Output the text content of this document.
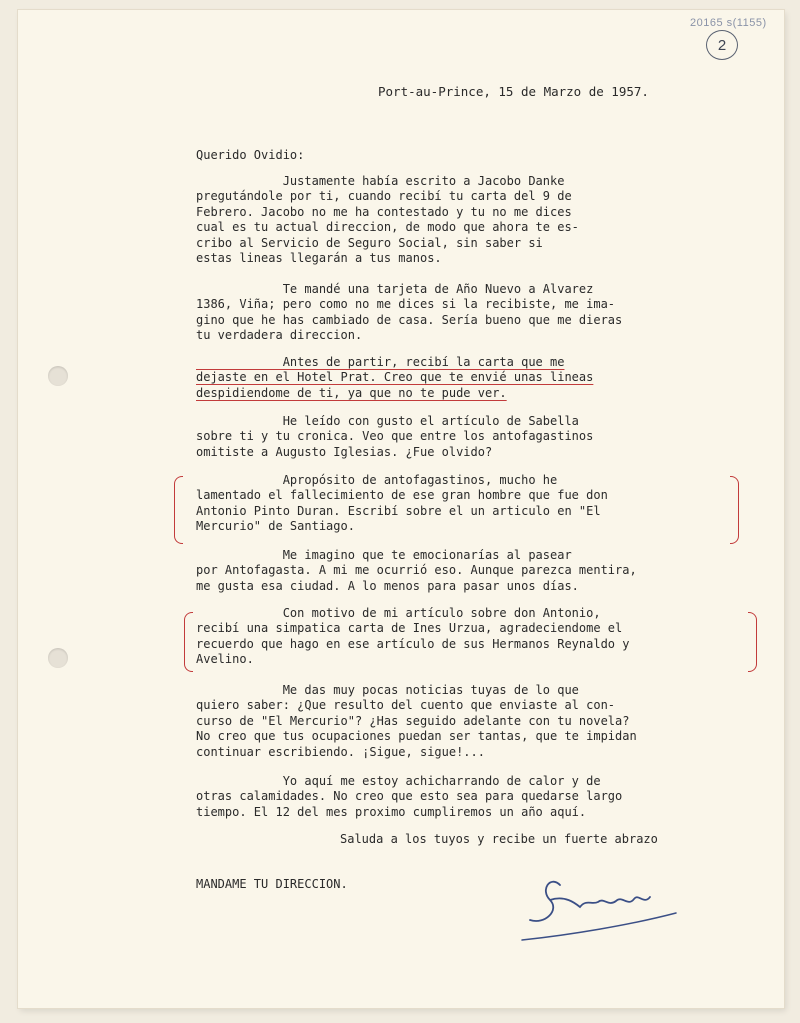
20165 s(1155)
2
Port-au-Prince, 15 de Marzo de 1957.
Querido Ovidio:
Justamente había escrito a Jacobo Danke
pregutándole por ti, cuando recibí tu carta del 9 de
Febrero. Jacobo no me ha contestado y tu no me dices
cual es tu actual direccion, de modo que ahora te es-
cribo al Servicio de Seguro Social, sin saber si
estas lineas llegarán a tus manos.
Te mandé una tarjeta de Año Nuevo a Alvarez
1386, Viña; pero como no me dices si la recibiste, me ima-
gino que he has cambiado de casa. Sería bueno que me dieras
tu verdadera direccion.
Antes de partir, recibí la carta que me
dejaste en el Hotel Prat. Creo que te envié unas lineas
despidiendome de ti, ya que no te pude ver.
He leído con gusto el artículo de Sabella
sobre ti y tu cronica. Veo que entre los antofagastinos
omitiste a Augusto Iglesias. ¿Fue olvido?
Apropósito de antofagastinos, mucho he
lamentado el fallecimiento de ese gran hombre que fue don
Antonio Pinto Duran. Escribí sobre el un articulo en "El
Mercurio" de Santiago.
Me imagino que te emocionarías al pasear
por Antofagasta. A mi me ocurrió eso. Aunque parezca mentira,
me gusta esa ciudad. A lo menos para pasar unos días.
Con motivo de mi artículo sobre don Antonio,
recibí una simpatica carta de Ines Urzua, agradeciendome el
recuerdo que hago en ese artículo de sus Hermanos Reynaldo y
Avelino.
Me das muy pocas noticias tuyas de lo que
quiero saber: ¿Que resulto del cuento que enviaste al con-
curso de "El Mercurio"? ¿Has seguido adelante con tu novela?
No creo que tus ocupaciones puedan ser tantas, que te impidan
continuar escribiendo. ¡Sigue, sigue!...
Yo aquí me estoy achicharrando de calor y de
otras calamidades. No creo que esto sea para quedarse largo
tiempo. El 12 del mes proximo cumpliremos un año aquí.
Saluda a los tuyos y recibe un fuerte abrazo
MANDAME TU DIRECCION.
